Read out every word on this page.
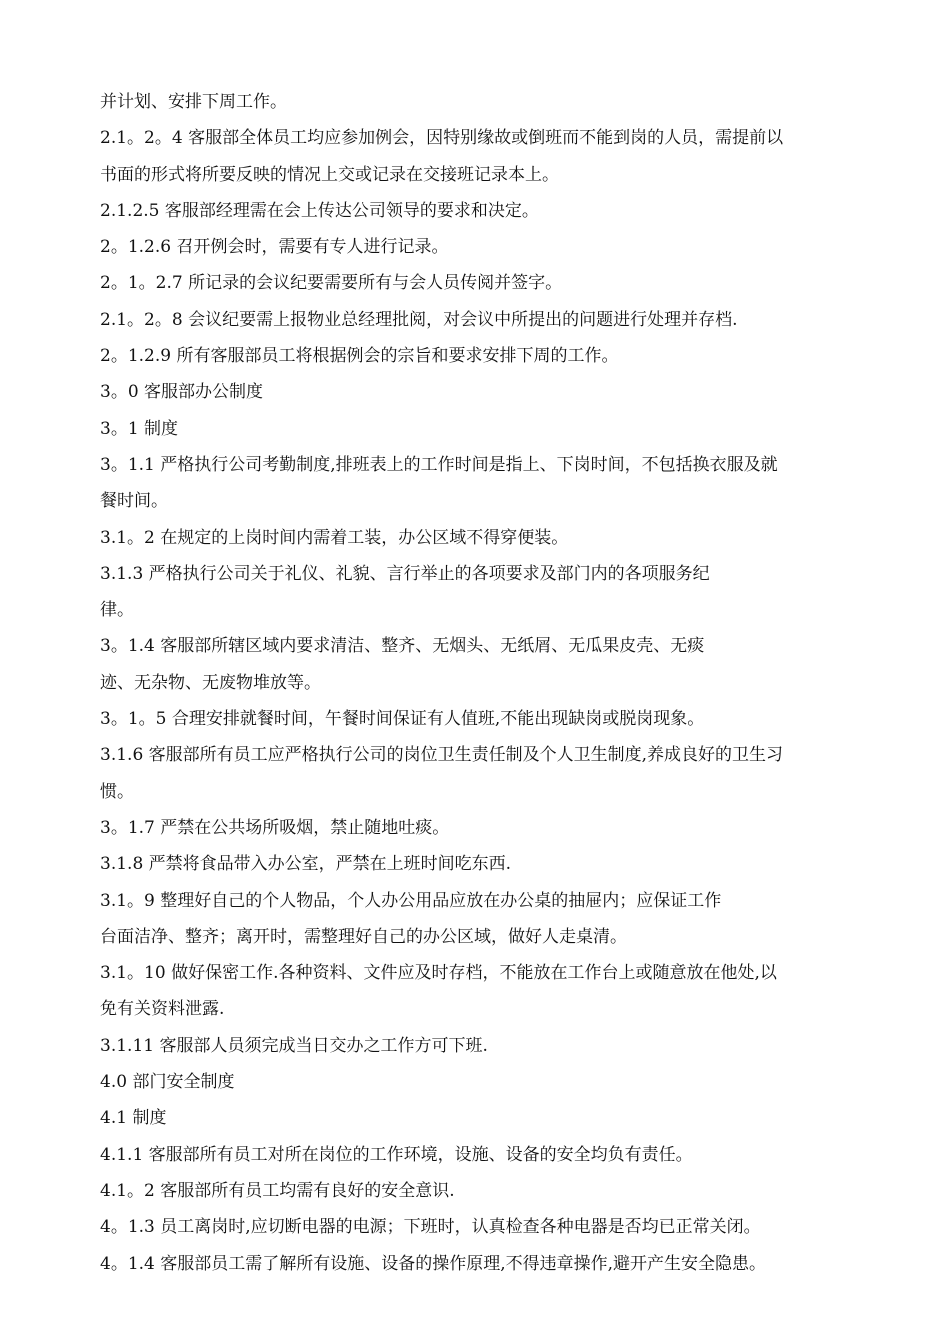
并计划、安排下周工作。
2.1。2。4 客服部全体员工均应参加例会，因特别缘故或倒班而不能到岗的人员，需提前以
书面的形式将所要反映的情况上交或记录在交接班记录本上。
2.1.2.5 客服部经理需在会上传达公司领导的要求和决定。
2。1.2.6 召开例会时，需要有专人进行记录。
2。1。2.7 所记录的会议纪要需要所有与会人员传阅并签字。
2.1。2。8 会议纪要需上报物业总经理批阅，对会议中所提出的问题进行处理并存档.
2。1.2.9 所有客服部员工将根据例会的宗旨和要求安排下周的工作。
3。0 客服部办公制度
3。1 制度
3。1.1 严格执行公司考勤制度,排班表上的工作时间是指上、下岗时间，不包括换衣服及就
餐时间。
3.1。2 在规定的上岗时间内需着工装，办公区域不得穿便装。
3.1.3 严格执行公司关于礼仪、礼貌、言行举止的各项要求及部门内的各项服务纪
律。
3。1.4 客服部所辖区域内要求清洁、整齐、无烟头、无纸屑、无瓜果皮壳、无痰
迹、无杂物、无废物堆放等。
3。1。5 合理安排就餐时间，午餐时间保证有人值班,不能出现缺岗或脱岗现象。
3.1.6 客服部所有员工应严格执行公司的岗位卫生责任制及个人卫生制度,养成良好的卫生习
惯。
3。1.7 严禁在公共场所吸烟，禁止随地吐痰。
3.1.8 严禁将食品带入办公室，严禁在上班时间吃东西.
3.1。9 整理好自己的个人物品，个人办公用品应放在办公桌的抽屉内；应保证工作
台面洁净、整齐；离开时，需整理好自己的办公区域，做好人走桌清。
3.1。10 做好保密工作.各种资料、文件应及时存档，不能放在工作台上或随意放在他处,以
免有关资料泄露.
3.1.11 客服部人员须完成当日交办之工作方可下班.
4.0 部门安全制度
4.1 制度
4.1.1 客服部所有员工对所在岗位的工作环境，设施、设备的安全均负有责任。
4.1。2 客服部所有员工均需有良好的安全意识.
4。1.3 员工离岗时,应切断电器的电源；下班时，认真检查各种电器是否均已正常关闭。
4。1.4 客服部员工需了解所有设施、设备的操作原理,不得违章操作,避开产生安全隐患。
